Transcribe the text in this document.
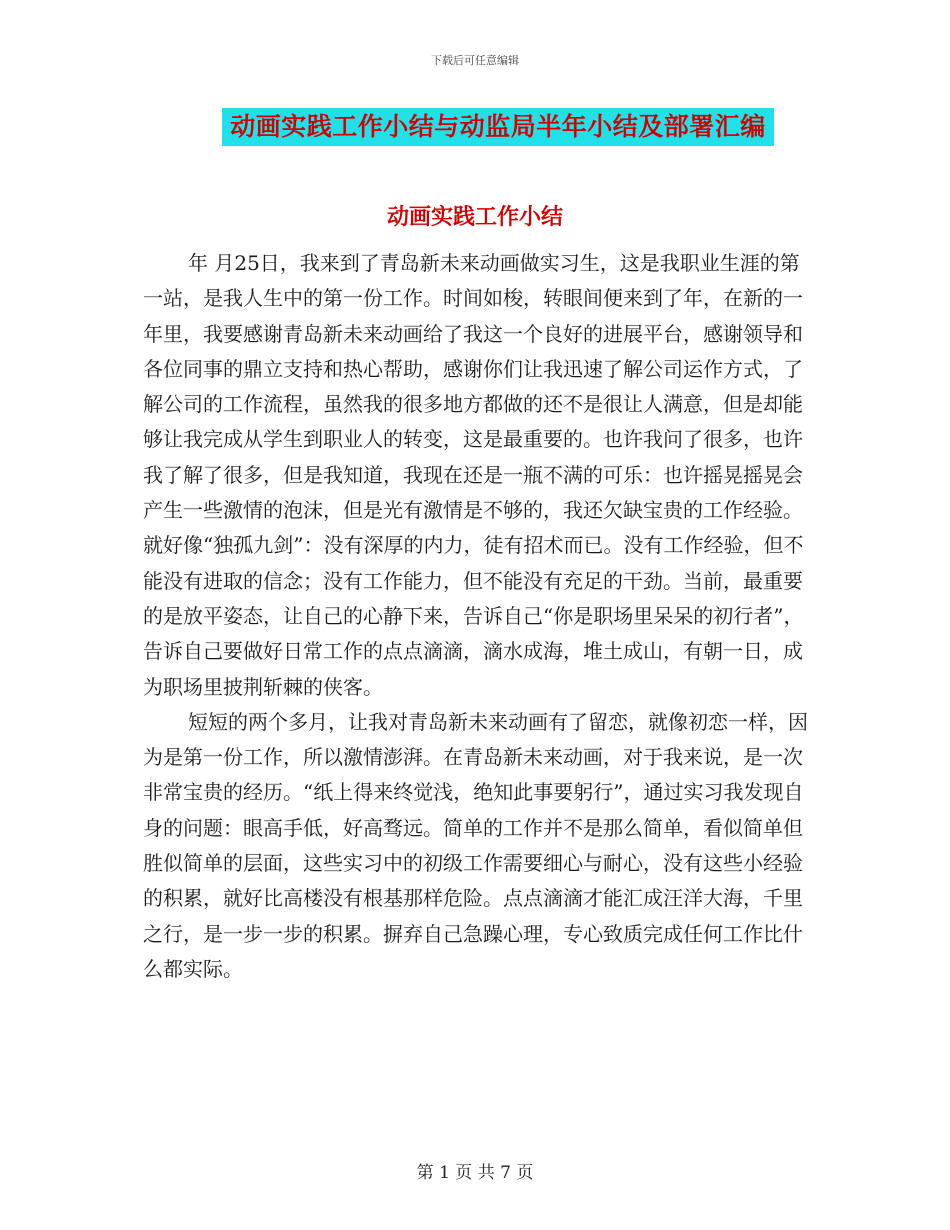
下载后可任意编辑
动画实践工作小结与动监局半年小结及部署汇编
动画实践工作小结

年 月25日，我来到了青岛新未来动画做实习生，这是我职业生涯的第一站，是我人生中的第一份工作。时间如梭，转眼间便来到了年，在新的一年里，我要感谢青岛新未来动画给了我这一个良好的进展平台，感谢领导和各位同事的鼎立支持和热心帮助，感谢你们让我迅速了解公司运作方式，了解公司的工作流程，虽然我的很多地方都做的还不是很让人满意，但是却能够让我完成从学生到职业人的转变，这是最重要的。也许我问了很多，也许我了解了很多，但是我知道，我现在还是一瓶不满的可乐：也许摇晃摇晃会产生一些激情的泡沫，但是光有激情是不够的，我还欠缺宝贵的工作经验。就好像“独孤九剑”：没有深厚的内力，徒有招术而已。没有工作经验，但不能没有进取的信念；没有工作能力，但不能没有充足的干劲。当前，最重要的是放平姿态，让自己的心静下来，告诉自己“你是职场里呆呆的初行者”，告诉自己要做好日常工作的点点滴滴，滴水成海，堆土成山，有朝一日，成为职场里披荆斩棘的侠客。

短短的两个多月，让我对青岛新未来动画有了留恋，就像初恋一样，因为是第一份工作，所以激情澎湃。在青岛新未来动画，对于我来说，是一次非常宝贵的经历。“纸上得来终觉浅，绝知此事要躬行”，通过实习我发现自身的问题：眼高手低，好高骛远。简单的工作并不是那么简单，看似简单但胜似简单的层面，这些实习中的初级工作需要细心与耐心，没有这些小经验的积累，就好比高楼没有根基那样危险。点点滴滴才能汇成汪洋大海，千里之行，是一步一步的积累。摒弃自己急躁心理，专心致质完成任何工作比什么都实际。

第 1 页 共 7 页
